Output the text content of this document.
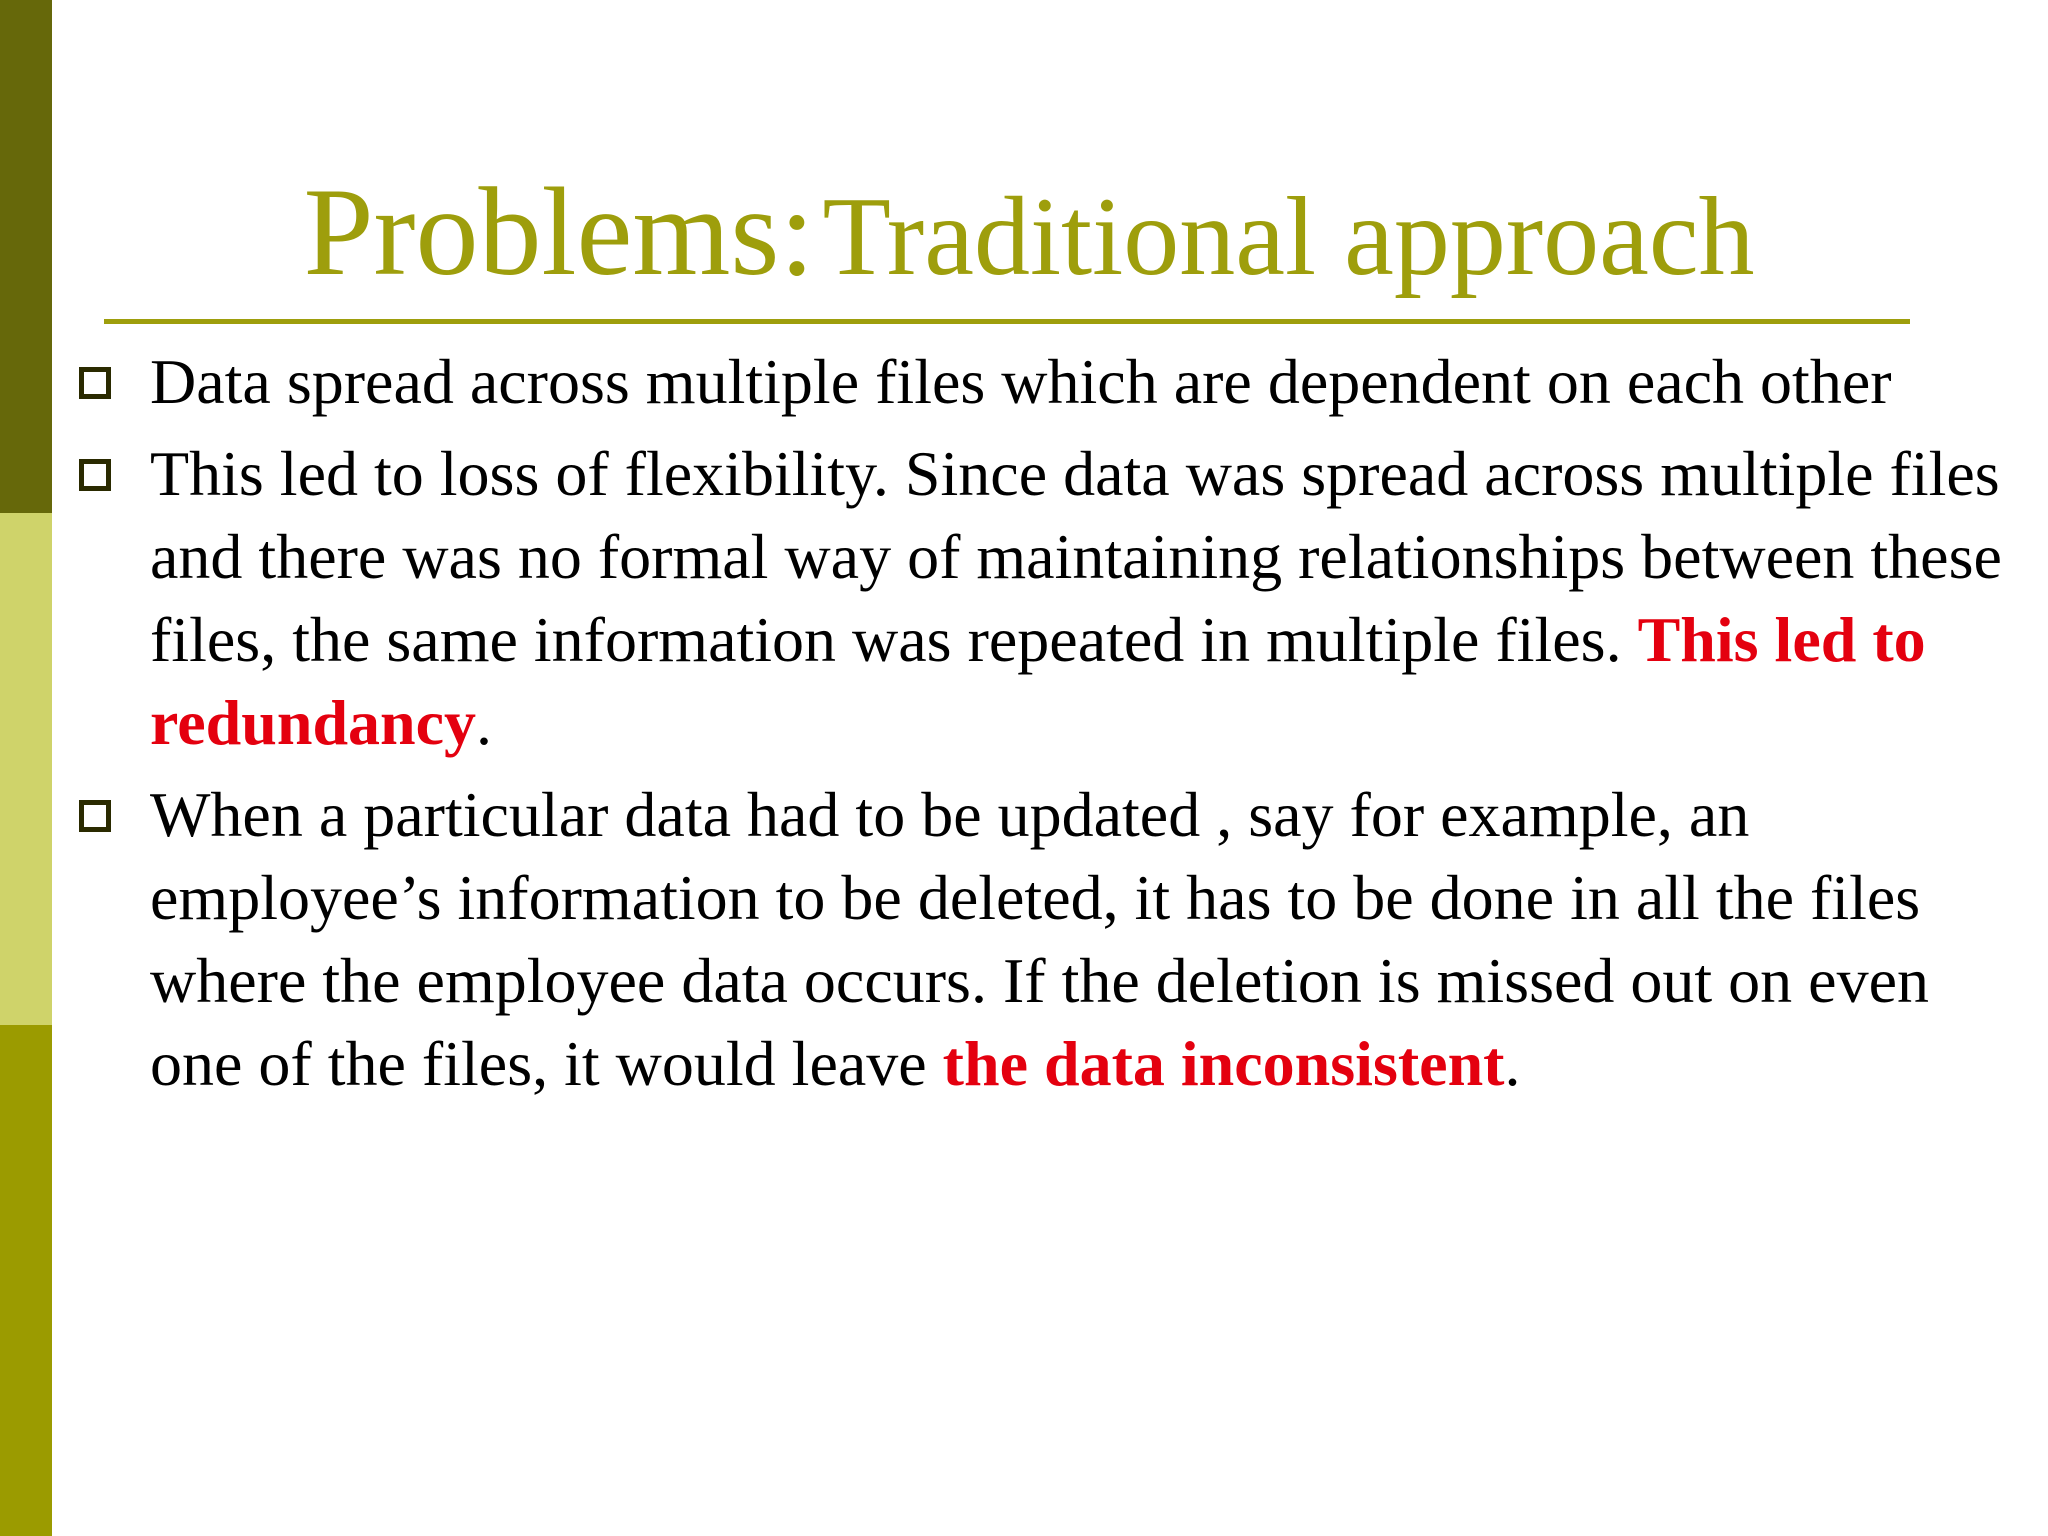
Problems: Traditional approach
Data spread across multiple files which are dependent on each other
This led to loss of flexibility. Since data was spread across multiple files and there was no formal way of maintaining relationships between these files, the same information was repeated in multiple files. This led to redundancy.
When a particular data had to be updated , say for example, an employee’s information to be deleted, it has to be done in all the files where the employee data occurs. If the deletion is missed out on even one of the files, it would leave the data inconsistent.
